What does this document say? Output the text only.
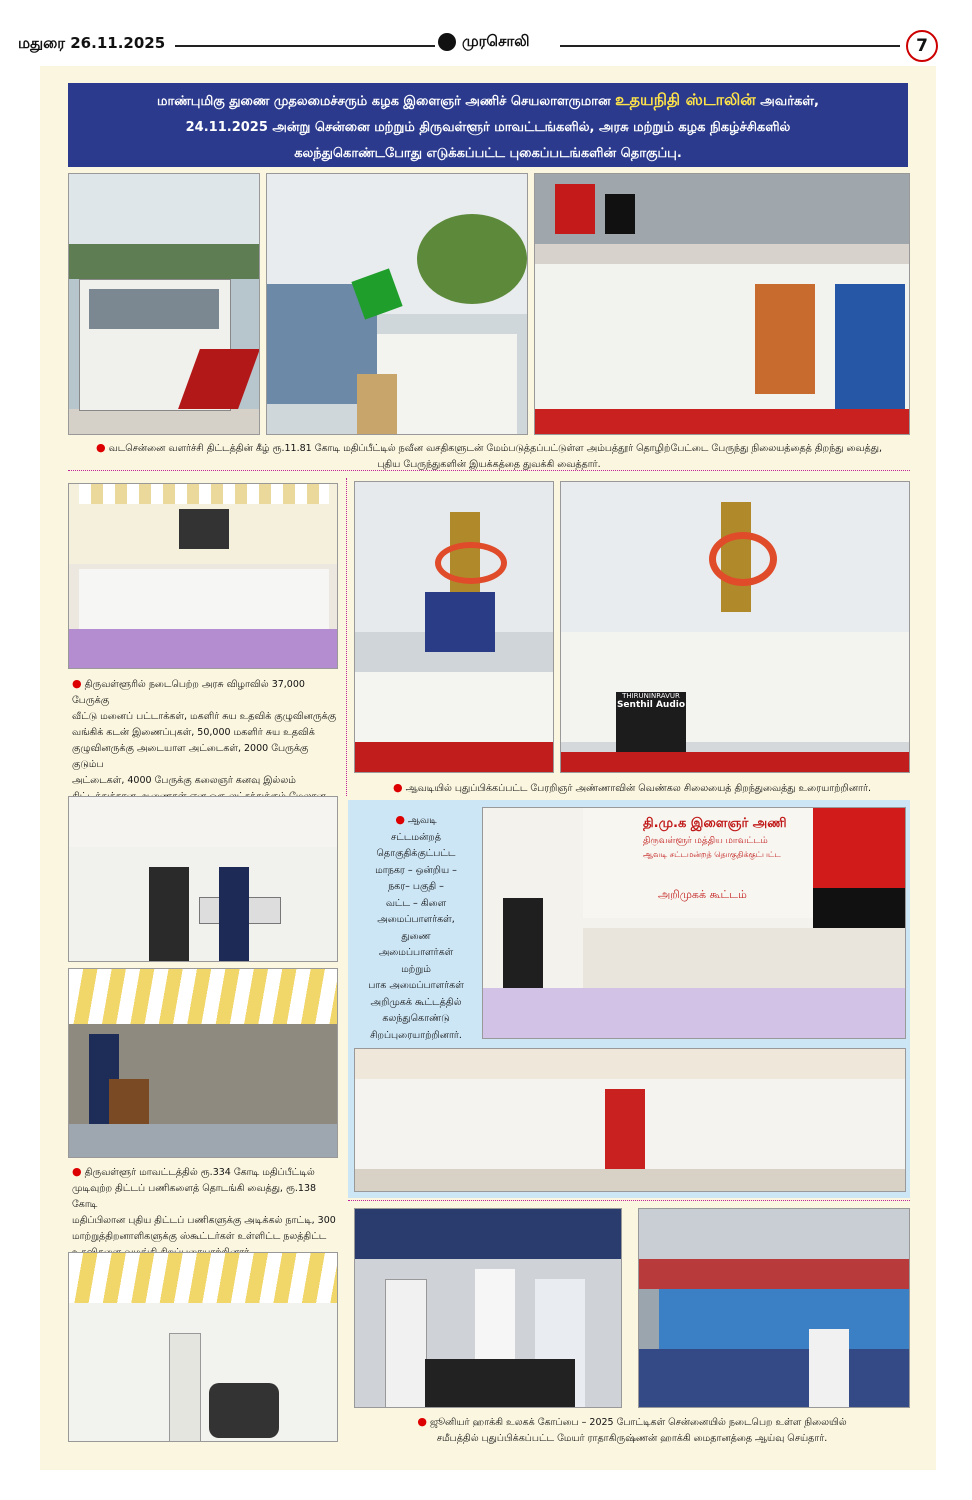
மதுரை 26.11.2025	முரசொலி	7
மாண்புமிகு துணை முதலமைச்சரும் கழக இளைஞர் அணிச் செயலாளருமான உதயநிதி ஸ்டாலின் அவர்கள்,
24.11.2025 அன்று சென்னை மற்றும் திருவள்ளூர் மாவட்டங்களில், அரசு மற்றும் கழக நிகழ்ச்சிகளில்
கலந்துகொண்டபோது எடுக்கப்பட்ட புகைப்படங்களின் தொகுப்பு.
● வடசென்னை வளர்ச்சி திட்டத்தின் கீழ் ரூ.11.81 கோடி மதிப்பீட்டில் நவீன வசதிகளுடன் மேம்படுத்தப்பட்டுள்ள அம்பத்தூர் தொழிற்பேட்டை பேருந்து நிலையத்தைத் திறந்து வைத்து,
புதிய பேருந்துகளின் இயக்கத்தை துவக்கி வைத்தார்.
● திருவள்ளூரில் நடைபெற்ற அரசு விழாவில் 37,000 பேருக்கு
வீட்டு மனைப் பட்டாக்கள், மகளிர் சுய உதவிக் குழுவினருக்கு
வங்கிக் கடன் இணைப்புகள், 50,000 மகளிர் சுய உதவிக்
குழுவினருக்கு அடையாள அட்டைகள், 2000 பேருக்கு குடும்ப
அட்டைகள், 4000 பேருக்கு கலைஞர் கனவு இல்லம்
THIRUNINRAVUR
Senthil Audio
● ஆவடியில் புதுப்பிக்கப்பட்ட பேரறிஞர் அண்ணாவின் வெண்கல சிலையைத் திறந்துவைத்து உரையாற்றினார்.
● திருவள்ளூர் மாவட்டத்தில் ரூ.334 கோடி மதிப்பீட்டில்
முடிவுற்ற திட்டப் பணிகளைத் தொடங்கி வைத்து, ரூ.138 கோடி
மதிப்பிலான புதிய திட்டப் பணிகளுக்கு அடிக்கல் நாட்டி, 300
மாற்றுத்திறனாளிகளுக்கு ஸ்கூட்டர்கள் உள்ளிட்ட நலத்திட்ட
● ஆவடி
சட்டமன்றத்
தொகுதிக்குட்பட்ட
மாநகர – ஒன்றிய –
நகர– பகுதி –
வட்ட – கிளை
அமைப்பாளர்கள்,
துணை
அமைப்பாளர்கள்
மற்றும்
பாக அமைப்பாளர்கள்
அறிமுகக் கூட்டத்தில்
கலந்துகொண்டு
சிறப்புரையாற்றினார்.
தி.மு.க இளைஞர் அணி
திருவள்ளூர் மத்திய மாவட்டம்
ஆவடி சட்டமன்றத் தொகுதிக்குட்பட்ட
அறிமுகக் கூட்டம்
● ஜூனியர் ஹாக்கி உலகக் கோப்பை – 2025 போட்டிகள் சென்னையில் நடைபெற உள்ள நிலையில்
சமீபத்தில் புதுப்பிக்கப்பட்ட மேயர் ராதாகிருஷ்ணன் ஹாக்கி மைதானத்தை ஆய்வு செய்தார்.
